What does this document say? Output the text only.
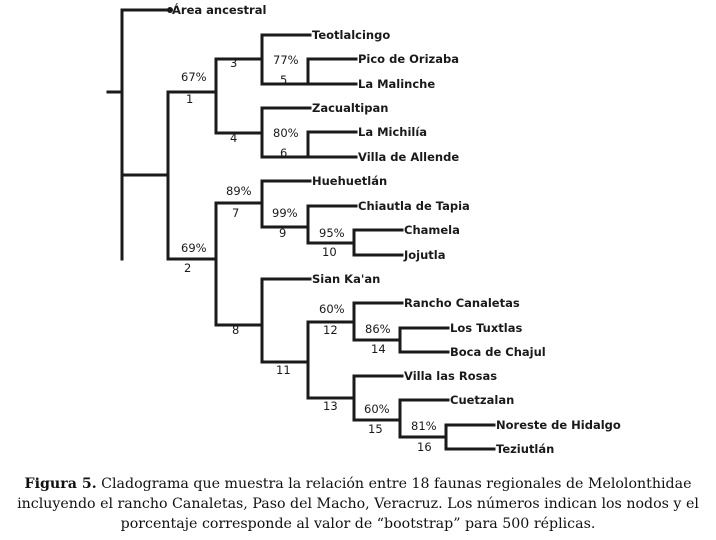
Área ancestral
Teotlalcingo
Pico de Orizaba
La Malinche
Zacualtipan
La Michilía
Villa de Allende
Huehuetlán
Chiautla de Tapia
Chamela
Jojutla
Sian Ka'an
Rancho Canaletas
Los Tuxtlas
Boca de Chajul
Villa las Rosas
Cuetzalan
Noreste de Hidalgo
Teziutlán
67%
69%
77%
80%
89%
99%
95%
60%
86%
60%
81%
1
2
3
4
5
6
7
8
9
10
11
12
13
14
15
16
Figura 5. Cladograma que muestra la relación entre 18 faunas regionales de Melolonthidae incluyendo el rancho Canaletas, Paso del Macho, Veracruz. Los números indican los nodos y el porcentaje corresponde al valor de “bootstrap” para 500 réplicas.
